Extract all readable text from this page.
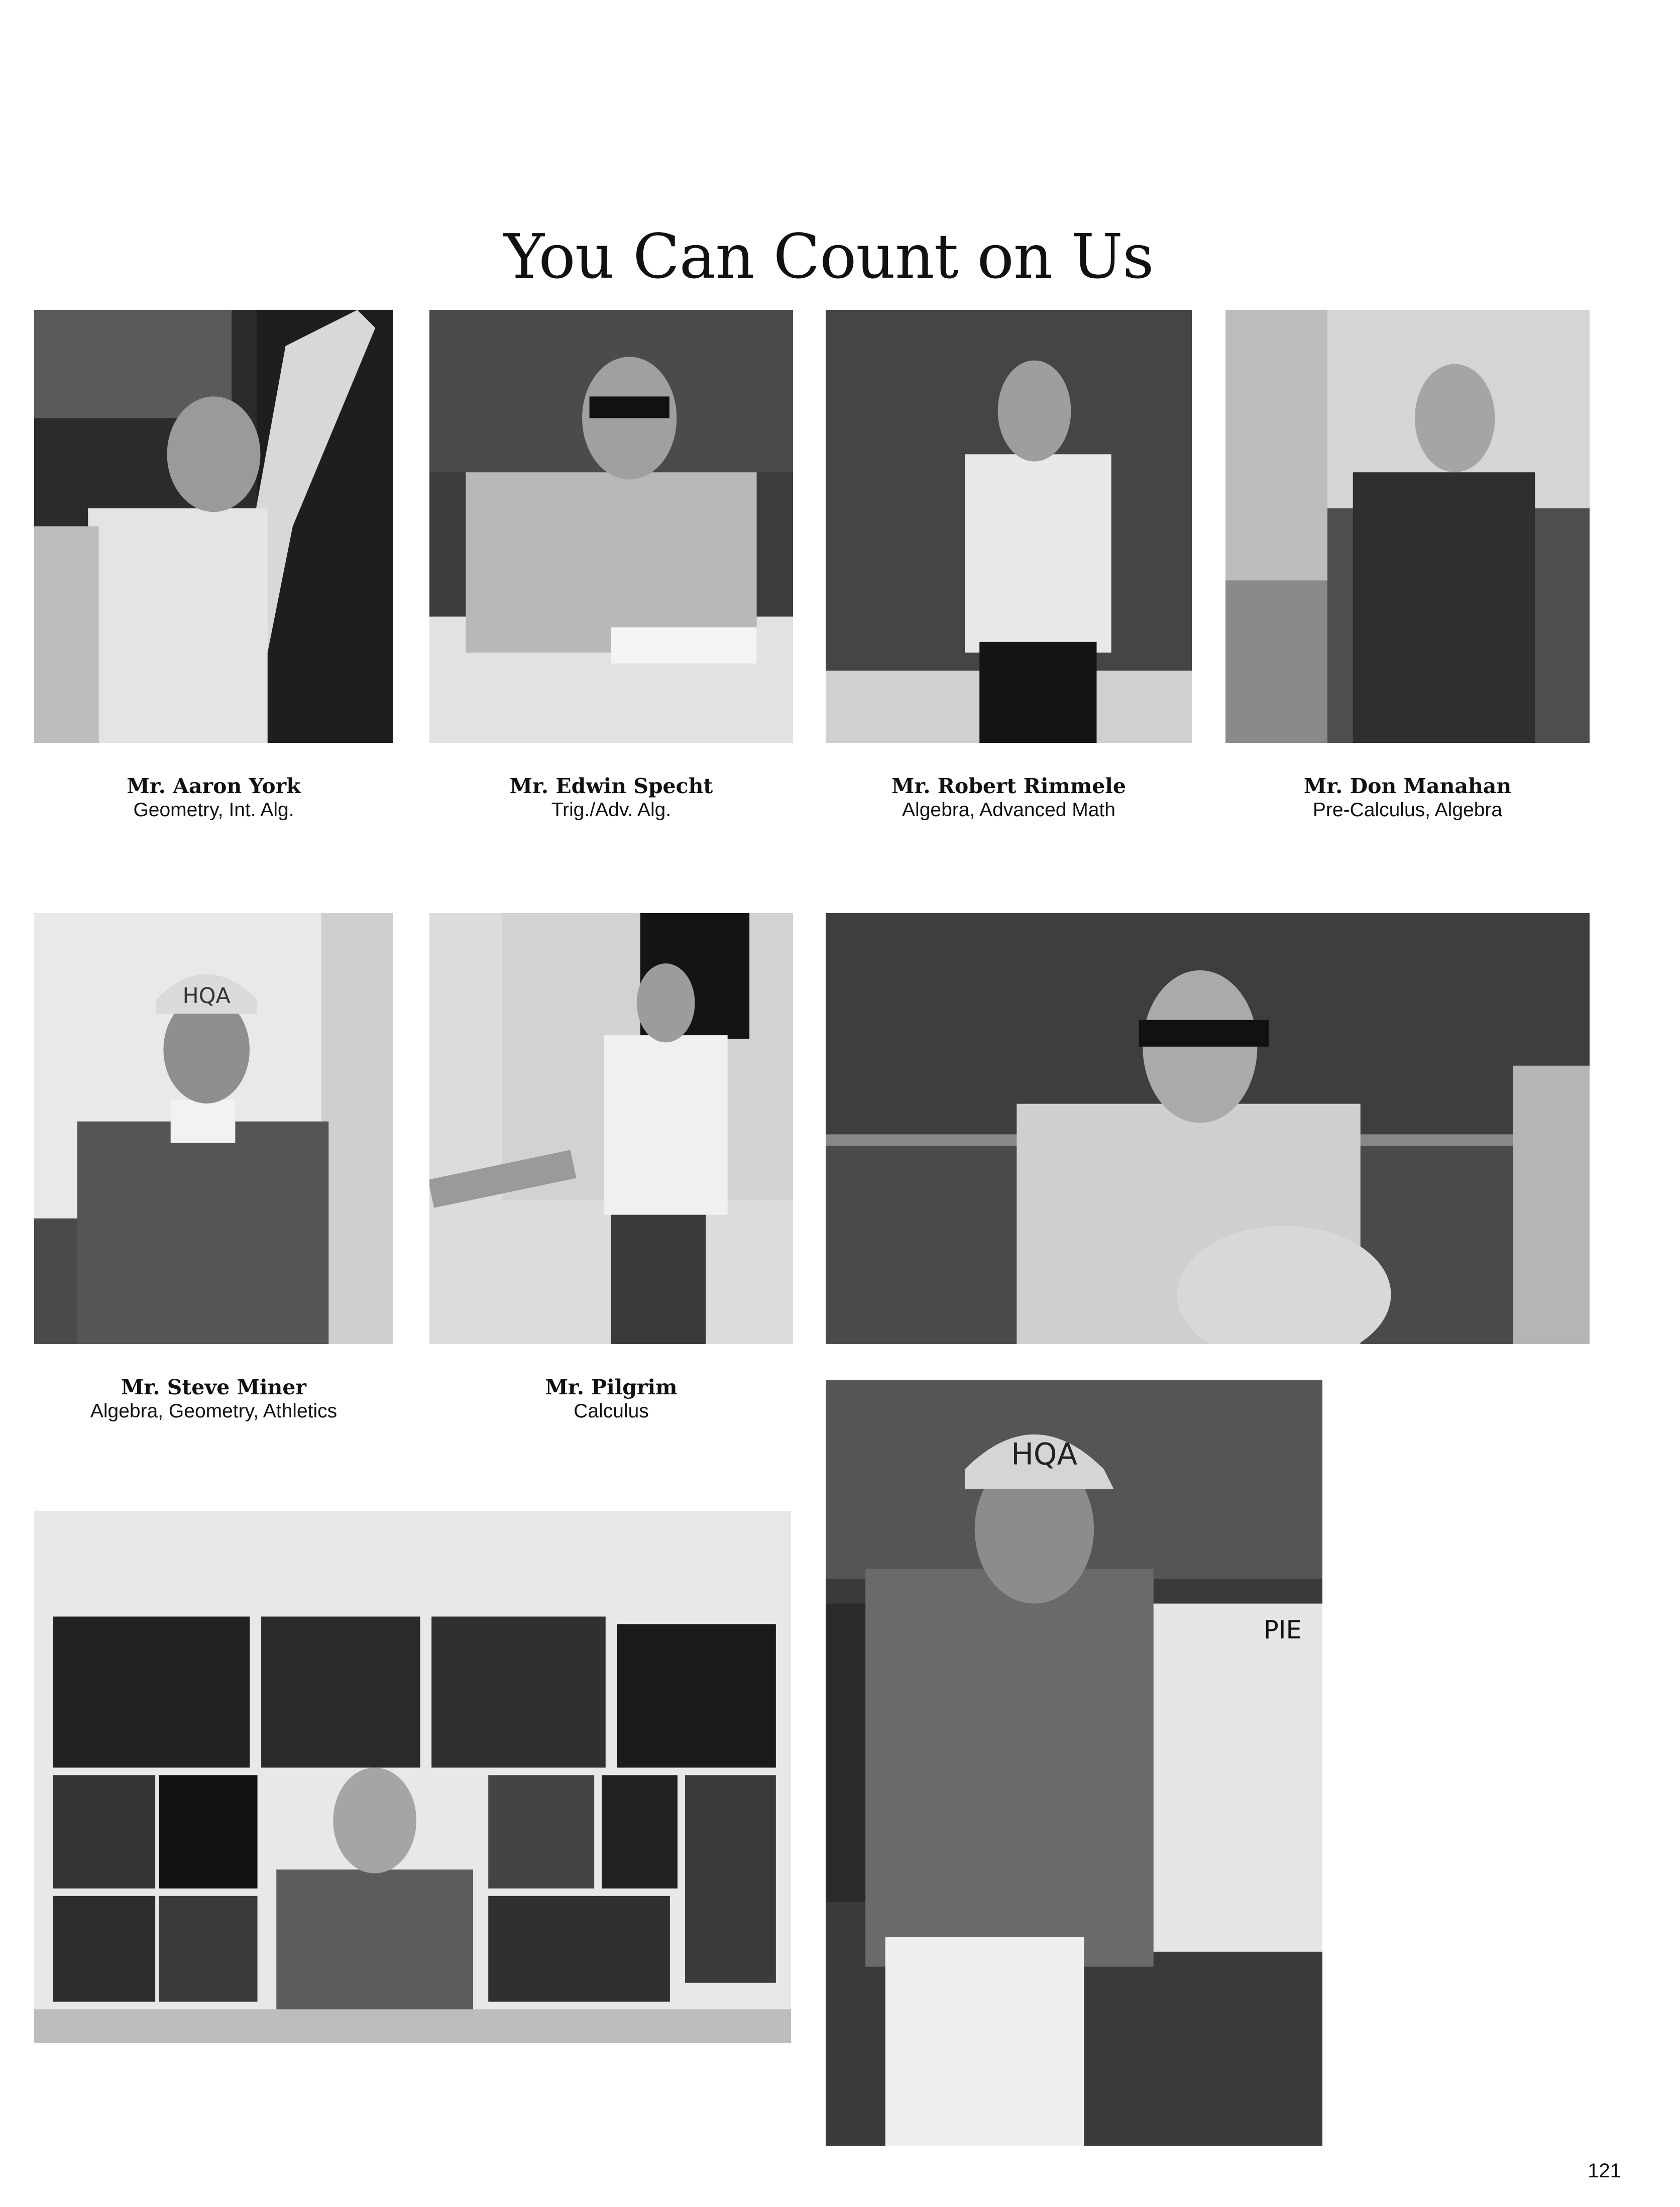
You Can Count on Us
Mr. Aaron York
Geometry, Int. Alg.
Mr. Edwin Specht
Trig./Adv. Alg.
Mr. Robert Rimmele
Algebra, Advanced Math
Mr. Don Manahan
Pre-Calculus, Algebra
HQA
Mr. Steve Miner
Algebra, Geometry, Athletics
Mr. Pilgrim
Calculus
PIE
HQA
121
